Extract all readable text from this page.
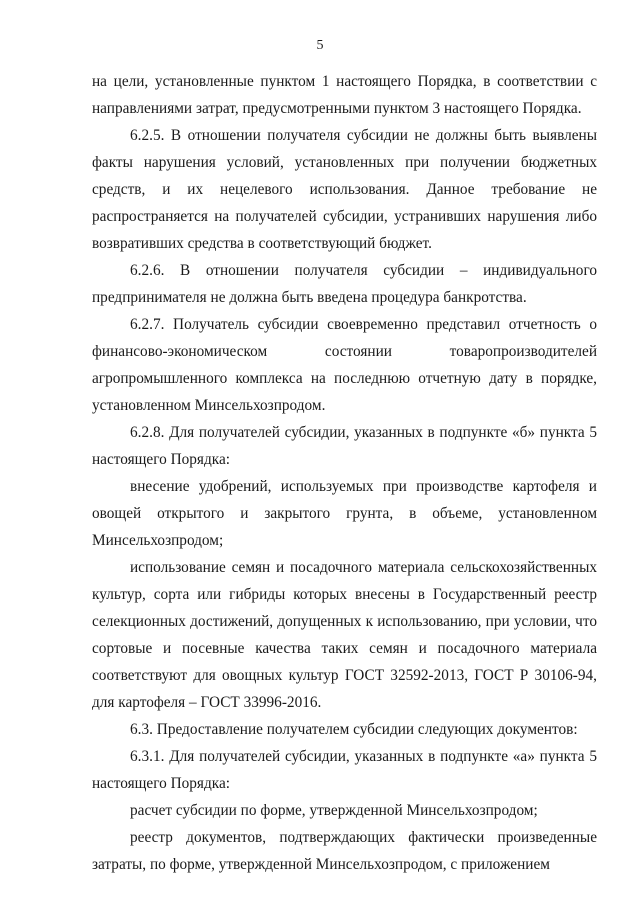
5

на цели, установленные пунктом 1 настоящего Порядка, в соответствии с направлениями затрат, предусмотренными пунктом 3 настоящего Порядка.

6.2.5. В отношении получателя субсидии не должны быть выявлены факты нарушения условий, установленных при получении бюджетных средств, и их нецелевого использования. Данное требование не распространяется на получателей субсидии, устранивших нарушения либо возвративших средства в соответствующий бюджет.

6.2.6. В отношении получателя субсидии – индивидуального предпринимателя не должна быть введена процедура банкротства.

6.2.7. Получатель субсидии своевременно представил отчетность о финансово-экономическом состоянии товаропроизводителей агропромышленного комплекса на последнюю отчетную дату в порядке, установленном Минсельхозпродом.

6.2.8. Для получателей субсидии, указанных в подпункте «б» пункта 5 настоящего Порядка:

внесение удобрений, используемых при производстве картофеля и овощей открытого и закрытого грунта, в объеме, установленном Минсельхозпродом;

использование семян и посадочного материала сельскохозяйственных культур, сорта или гибриды которых внесены в Государственный реестр селекционных достижений, допущенных к использованию, при условии, что сортовые и посевные качества таких семян и посадочного материала соответствуют для овощных культур ГОСТ 32592-2013, ГОСТ Р 30106-94, для картофеля – ГОСТ 33996-2016.

6.3. Предоставление получателем субсидии следующих документов:

6.3.1. Для получателей субсидии, указанных в подпункте «а» пункта 5 настоящего Порядка:

расчет субсидии по форме, утвержденной Минсельхозпродом;

реестр документов, подтверждающих фактически произведенные затраты, по форме, утвержденной Минсельхозпродом, с приложением
